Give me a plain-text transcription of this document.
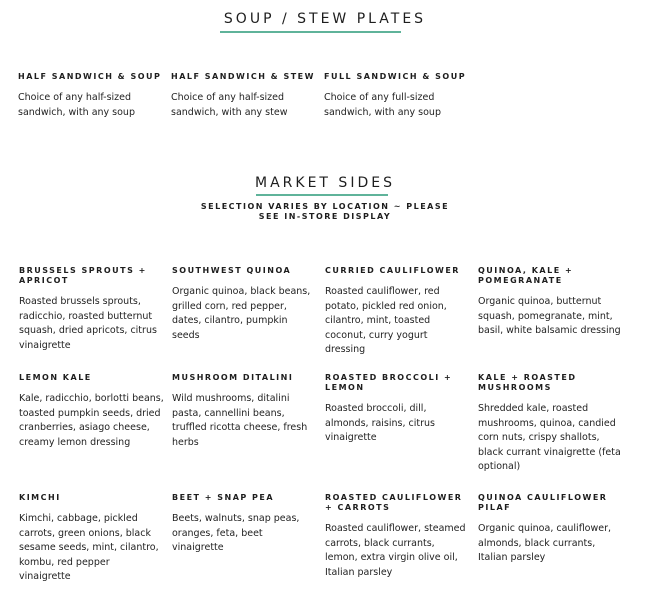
SOUP / STEW PLATES

HALF SANDWICH & SOUP

Choice of any half-sized sandwich, with any soup

HALF SANDWICH & STEW

Choice of any half-sized sandwich, with any stew

FULL SANDWICH & SOUP

Choice of any full-sized sandwich, with any soup

MARKET SIDES

SELECTION VARIES BY LOCATION ~ PLEASE SEE IN-STORE DISPLAY

BRUSSELS SPROUTS + APRICOT

Roasted brussels sprouts, radicchio, roasted butternut squash, dried apricots, citrus vinaigrette

SOUTHWEST QUINOA

Organic quinoa, black beans, grilled corn, red pepper, dates, cilantro, pumpkin seeds

CURRIED CAULIFLOWER

Roasted cauliflower, red potato, pickled red onion, cilantro, mint, toasted coconut, curry yogurt dressing

QUINOA, KALE + POMEGRANATE

Organic quinoa, butternut squash, pomegranate, mint, basil, white balsamic dressing

LEMON KALE

Kale, radicchio, borlotti beans, toasted pumpkin seeds, dried cranberries, asiago cheese, creamy lemon dressing

MUSHROOM DITALINI

Wild mushrooms, ditalini pasta, cannellini beans, truffled ricotta cheese, fresh herbs

ROASTED BROCCOLI + LEMON

Roasted broccoli, dill, almonds, raisins, citrus vinaigrette

KALE + ROASTED MUSHROOMS

Shredded kale, roasted mushrooms, quinoa, candied corn nuts, crispy shallots, black currant vinaigrette (feta optional)

KIMCHI

Kimchi, cabbage, pickled carrots, green onions, black sesame seeds, mint, cilantro, kombu, red pepper vinaigrette

BEET + SNAP PEA

Beets, walnuts, snap peas, oranges, feta, beet vinaigrette

ROASTED CAULIFLOWER + CARROTS

Roasted cauliflower, steamed carrots, black currants, lemon, extra virgin olive oil, Italian parsley

QUINOA CAULIFLOWER PILAF

Organic quinoa, cauliflower, almonds, black currants, Italian parsley
